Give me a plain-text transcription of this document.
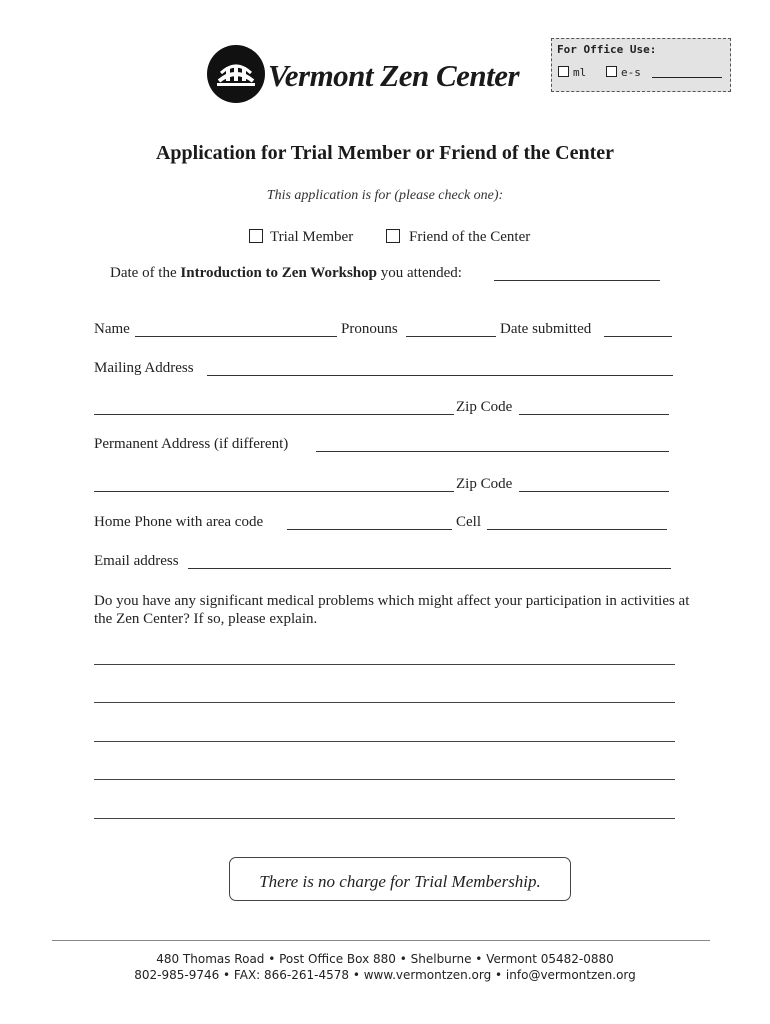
Vermont Zen Center
For Office Use:
ml	e-s
Application for Trial Member or Friend of the Center
This application is for (please check one):
Trial Member	Friend of the Center
Date of the Introduction to Zen Workshop you attended:
Name	Pronouns	Date submitted
Mailing Address
Zip Code
Permanent Address (if different)
Zip Code
Home Phone with area code	Cell
Email address
Do you have any significant medical problems which might affect your participation in activities at the Zen Center? If so, please explain.
There is no charge for Trial Membership.
480 Thomas Road • Post Office Box 880 • Shelburne • Vermont 05482-0880
802-985-9746 • FAX: 866-261-4578 • www.vermontzen.org • info@vermontzen.org
